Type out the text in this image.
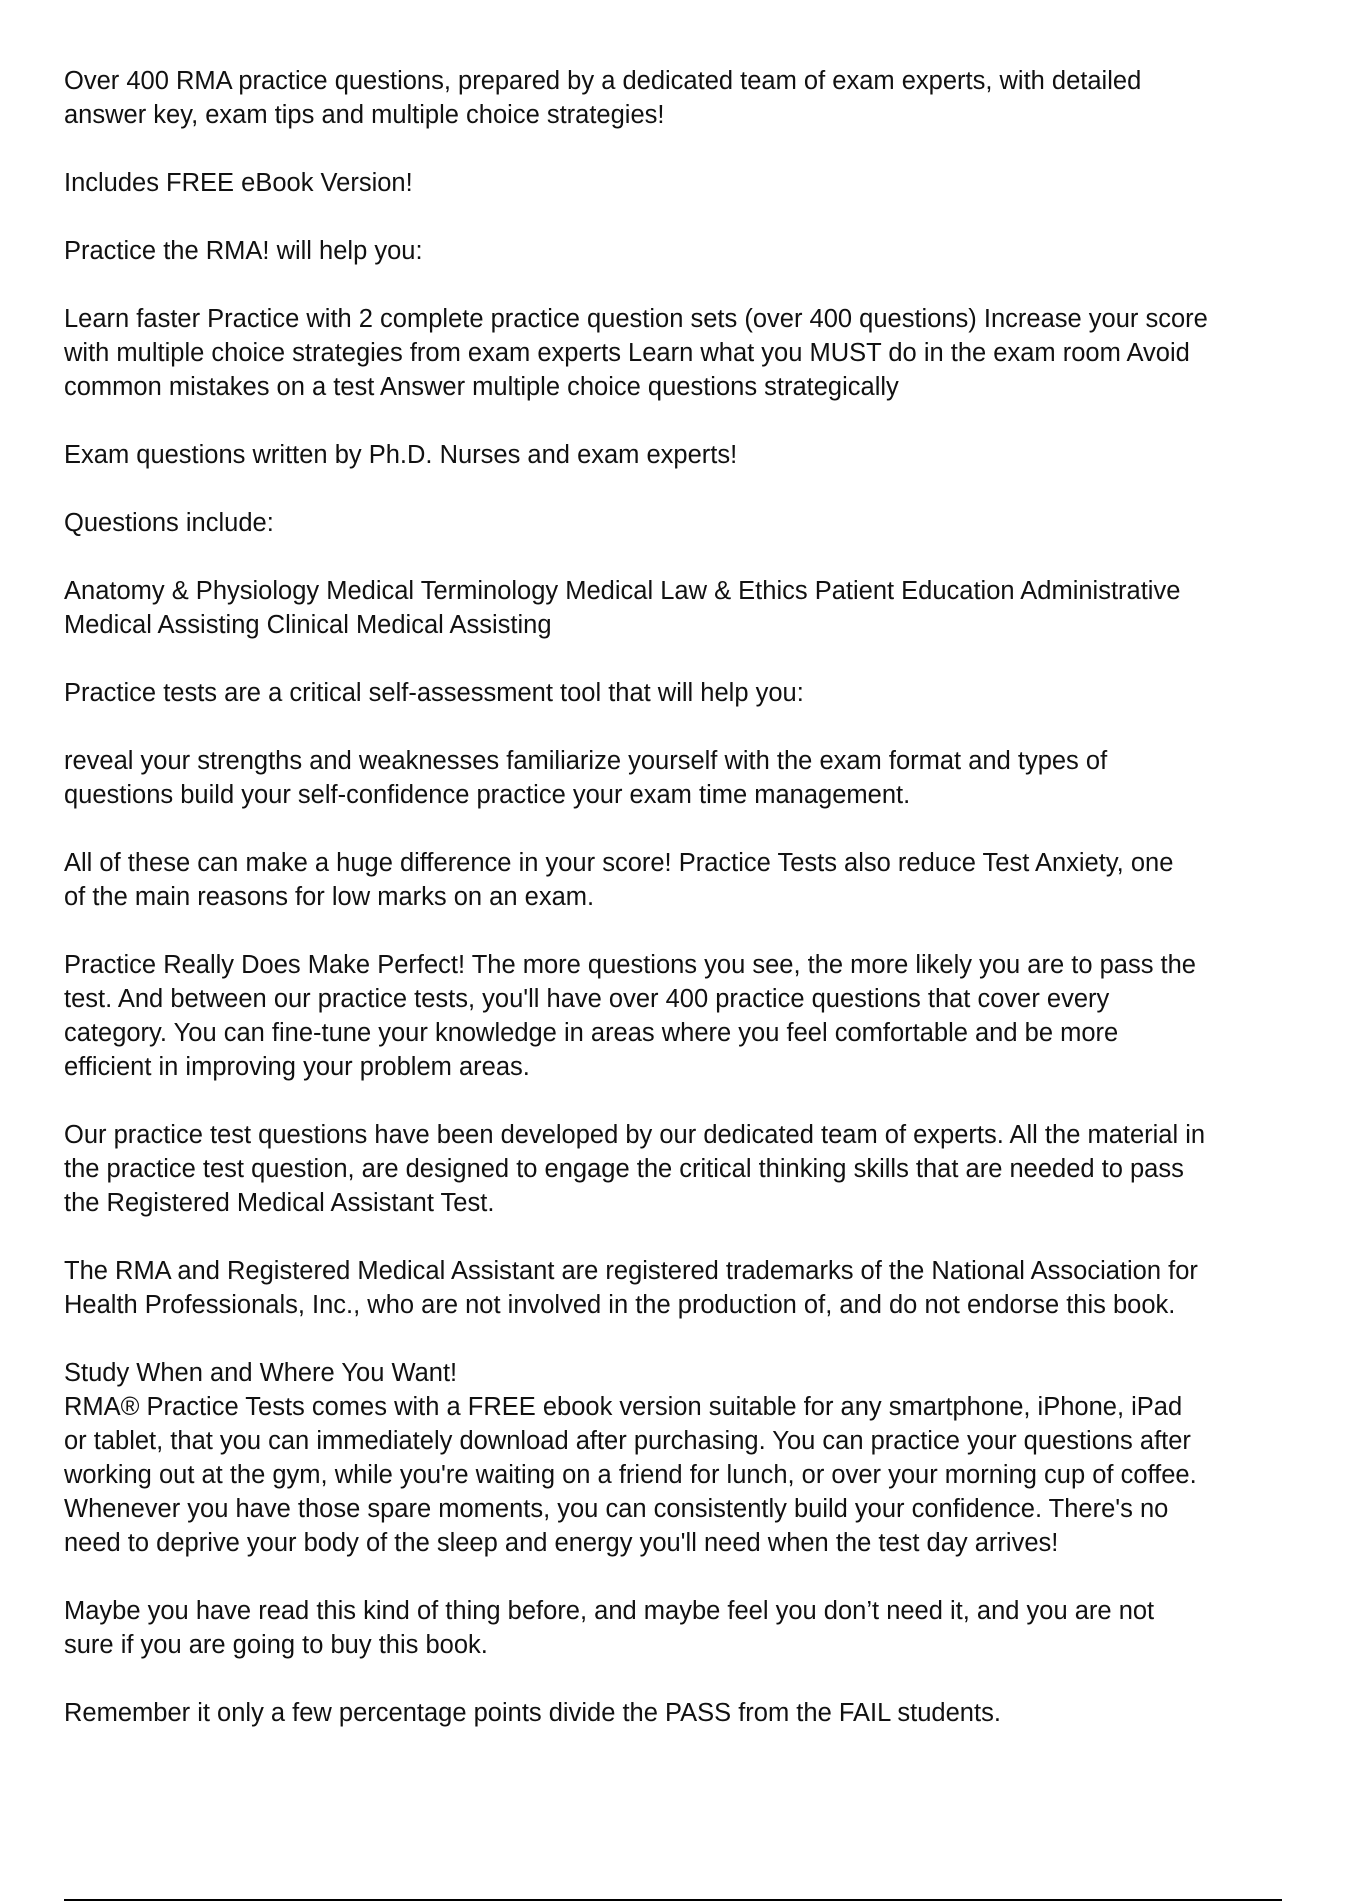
Over 400 RMA practice questions, prepared by a dedicated team of exam experts, with detailed
answer key, exam tips and multiple choice strategies!

Includes FREE eBook Version!

Practice the RMA! will help you:

Learn faster Practice with 2 complete practice question sets (over 400 questions) Increase your score
with multiple choice strategies from exam experts Learn what you MUST do in the exam room Avoid
common mistakes on a test Answer multiple choice questions strategically

Exam questions written by Ph.D. Nurses and exam experts!

Questions include:

Anatomy & Physiology Medical Terminology Medical Law & Ethics Patient Education Administrative
Medical Assisting Clinical Medical Assisting

Practice tests are a critical self-assessment tool that will help you:

reveal your strengths and weaknesses familiarize yourself with the exam format and types of
questions build your self-confidence practice your exam time management.

All of these can make a huge difference in your score! Practice Tests also reduce Test Anxiety, one
of the main reasons for low marks on an exam.

Practice Really Does Make Perfect! The more questions you see, the more likely you are to pass the
test. And between our practice tests, you'll have over 400 practice questions that cover every
category. You can fine-tune your knowledge in areas where you feel comfortable and be more
efficient in improving your problem areas.

Our practice test questions have been developed by our dedicated team of experts. All the material in
the practice test question, are designed to engage the critical thinking skills that are needed to pass
the Registered Medical Assistant Test.

The RMA and Registered Medical Assistant are registered trademarks of the National Association for
Health Professionals, Inc., who are not involved in the production of, and do not endorse this book.

Study When and Where You Want!
RMA® Practice Tests comes with a FREE ebook version suitable for any smartphone, iPhone, iPad
or tablet, that you can immediately download after purchasing. You can practice your questions after
working out at the gym, while you're waiting on a friend for lunch, or over your morning cup of coffee.
Whenever you have those spare moments, you can consistently build your confidence. There's no
need to deprive your body of the sleep and energy you'll need when the test day arrives!

Maybe you have read this kind of thing before, and maybe feel you don’t need it, and you are not
sure if you are going to buy this book.

Remember it only a few percentage points divide the PASS from the FAIL students.
